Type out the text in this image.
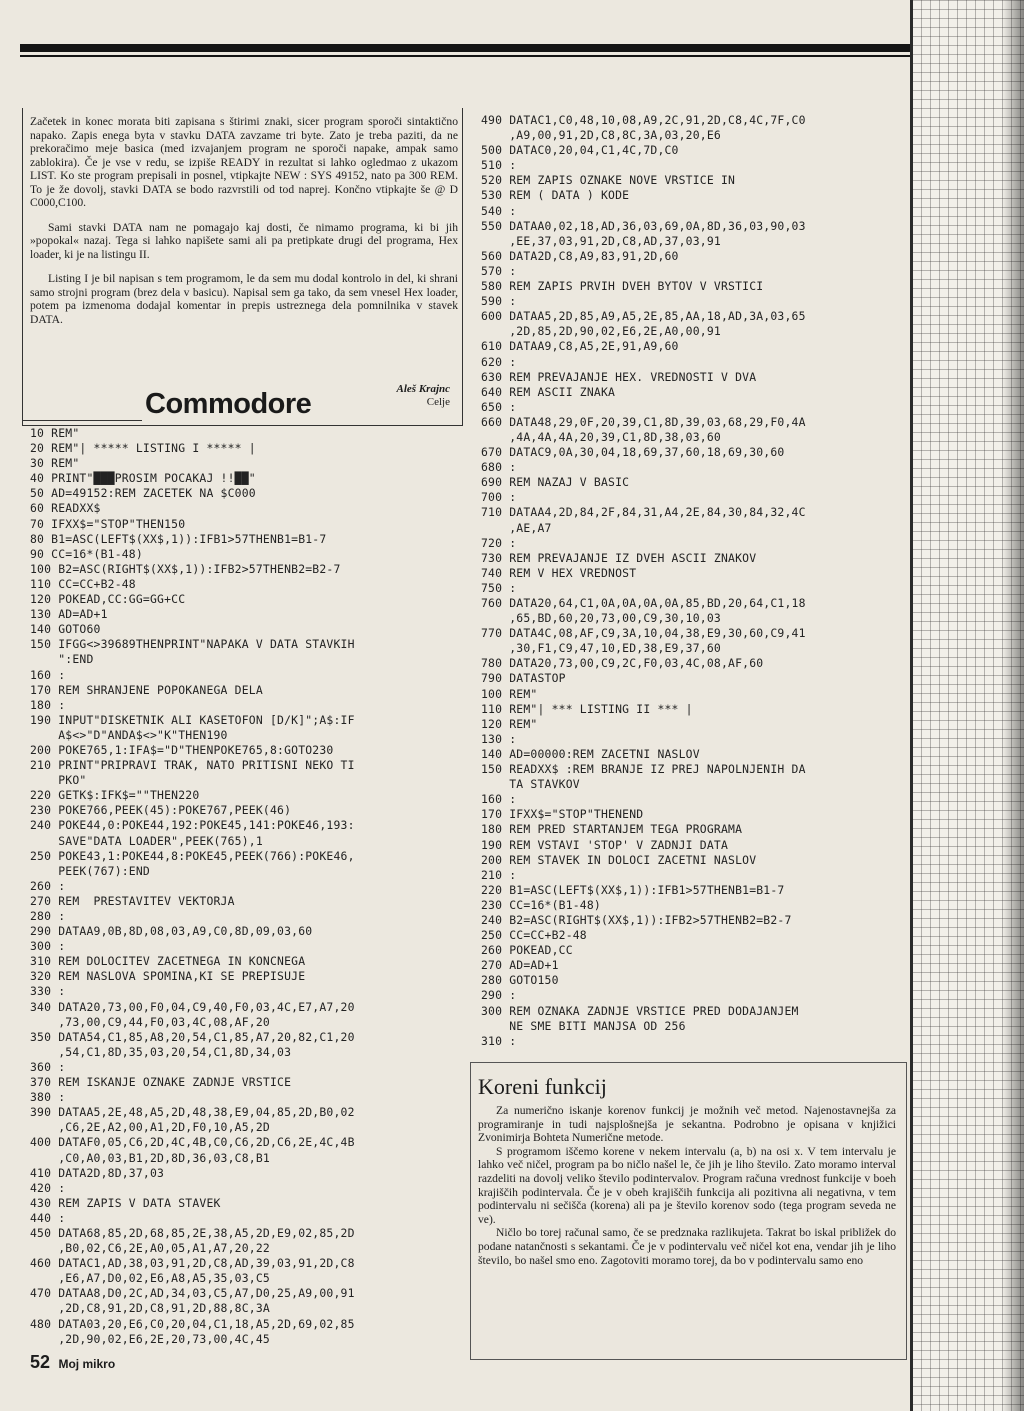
Začetek in konec morata biti zapisana s štirimi znaki, sicer program sporoči sintaktično napako. Zapis enega byta v stavku DATA zavzame tri byte. Zato je treba paziti, da ne prekoračimo meje basica (med izvajanjem program ne sporoči napake, ampak samo zablokira). Če je vse v redu, se izpiše READY in rezultat si lahko ogledmao z ukazom LIST. Ko ste program prepisali in posnel, vtipkajte NEW : SYS 49152, nato pa 300 REM. To je že dovolj, stavki DATA se bodo razvrstili od tod naprej. Končno vtipkajte še @ D C000,C100.

Sami stavki DATA nam ne pomagajo kaj dosti, če nimamo programa, ki bi jih »popokal« nazaj. Tega si lahko napišete sami ali pa pretipkate drugi del programa, Hex loader, ki je na listingu II.

Listing I je bil napisan s tem programom, le da sem mu dodal kontrolo in del, ki shrani samo strojni program (brez dela v basicu). Napisal sem ga tako, da sem vnesel Hex loader, potem pa izmenoma dodajal komentar in prepis ustreznega dela pomnilnika v stavek DATA.

Aleš Krajnc
Celje
Commodore
10 REM"
20 REM"| ***** LISTING I ***** |
30 REM"
40 PRINT"███PROSIM POCAKAJ !!██"
50 AD=49152:REM ZACETEK NA $C000
60 READXX$
70 IFXX$="STOP"THEN150
80 B1=ASC(LEFT$(XX$,1)):IFB1>57THENB1=B1-7
90 CC=16*(B1-48)
100 B2=ASC(RIGHT$(XX$,1)):IFB2>57THENB2=B2-7
110 CC=CC+B2-48
120 POKEAD,CC:GG=GG+CC
130 AD=AD+1
140 GOTO60
150 IFGG<>39689THENPRINT"NAPAKA V DATA STAVKIH
":END
160 :
170 REM SHRANJENE POPOKANEGA DELA
180 :
190 INPUT"DISKETNIK ALI KASETOFON [D/K]";A$:IF
A$<>"D"ANDA$<>"K"THEN190
200 POKE765,1:IFA$="D"THENPOKE765,8:GOTO230
210 PRINT"PRIPRAVI TRAK, NATO PRITISNI NEKO TI
PKO"
220 GETK$:IFK$=""THEN220
230 POKE766,PEEK(45):POKE767,PEEK(46)
240 POKE44,0:POKE44,192:POKE45,141:POKE46,193:
SAVE"DATA LOADER",PEEK(765),1
250 POKE43,1:POKE44,8:POKE45,PEEK(766):POKE46,
PEEK(767):END
260 :
270 REM  PRESTAVITEV VEKTORJA
280 :
290 DATAA9,0B,8D,08,03,A9,C0,8D,09,03,60
300 :
310 REM DOLOCITEV ZACETNEGA IN KONCNEGA
320 REM NASLOVA SPOMINA,KI SE PREPISUJE
330 :
340 DATA20,73,00,F0,04,C9,40,F0,03,4C,E7,A7,20
,73,00,C9,44,F0,03,4C,08,AF,20
350 DATA54,C1,85,A8,20,54,C1,85,A7,20,82,C1,20
,54,C1,8D,35,03,20,54,C1,8D,34,03
360 :
370 REM ISKANJE OZNAKE ZADNJE VRSTICE
380 :
390 DATAA5,2E,48,A5,2D,48,38,E9,04,85,2D,B0,02
,C6,2E,A2,00,A1,2D,F0,10,A5,2D
400 DATAF0,05,C6,2D,4C,4B,C0,C6,2D,C6,2E,4C,4B
,C0,A0,03,B1,2D,8D,36,03,C8,B1
410 DATA2D,8D,37,03
420 :
430 REM ZAPIS V DATA STAVEK
440 :
450 DATA68,85,2D,68,85,2E,38,A5,2D,E9,02,85,2D
,B0,02,C6,2E,A0,05,A1,A7,20,22
460 DATAC1,AD,38,03,91,2D,C8,AD,39,03,91,2D,C8
,E6,A7,D0,02,E6,A8,A5,35,03,C5
470 DATAA8,D0,2C,AD,34,03,C5,A7,D0,25,A9,00,91
,2D,C8,91,2D,C8,91,2D,88,8C,3A
480 DATA03,20,E6,C0,20,04,C1,18,A5,2D,69,02,85
,2D,90,02,E6,2E,20,73,00,4C,45
490 DATAC1,C0,48,10,08,A9,2C,91,2D,C8,4C,7F,C0
,A9,00,91,2D,C8,8C,3A,03,20,E6
500 DATAC0,20,04,C1,4C,7D,C0
510 :
520 REM ZAPIS OZNAKE NOVE VRSTICE IN
530 REM ( DATA ) KODE
540 :
550 DATAA0,02,18,AD,36,03,69,0A,8D,36,03,90,03
,EE,37,03,91,2D,C8,AD,37,03,91
560 DATA2D,C8,A9,83,91,2D,60
570 :
580 REM ZAPIS PRVIH DVEH BYTOV V VRSTICI
590 :
600 DATAA5,2D,85,A9,A5,2E,85,AA,18,AD,3A,03,65
,2D,85,2D,90,02,E6,2E,A0,00,91
610 DATAA9,C8,A5,2E,91,A9,60
620 :
630 REM PREVAJANJE HEX. VREDNOSTI V DVA
640 REM ASCII ZNAKA
650 :
660 DATA48,29,0F,20,39,C1,8D,39,03,68,29,F0,4A
,4A,4A,4A,20,39,C1,8D,38,03,60
670 DATAC9,0A,30,04,18,69,37,60,18,69,30,60
680 :
690 REM NAZAJ V BASIC
700 :
710 DATAA4,2D,84,2F,84,31,A4,2E,84,30,84,32,4C
,AE,A7
720 :
730 REM PREVAJANJE IZ DVEH ASCII ZNAKOV
740 REM V HEX VREDNOST
750 :
760 DATA20,64,C1,0A,0A,0A,0A,85,BD,20,64,C1,18
,65,BD,60,20,73,00,C9,30,10,03
770 DATA4C,08,AF,C9,3A,10,04,38,E9,30,60,C9,41
,30,F1,C9,47,10,ED,38,E9,37,60
780 DATA20,73,00,C9,2C,F0,03,4C,08,AF,60
790 DATASTOP
100 REM"
110 REM"| *** LISTING II *** |
120 REM"
130 :
140 AD=00000:REM ZACETNI NASLOV
150 READXX$ :REM BRANJE IZ PREJ NAPOLNJENIH DA
TA STAVKOV
160 :
170 IFXX$="STOP"THENEND
180 REM PRED STARTANJEM TEGA PROGRAMA
190 REM VSTAVI 'STOP' V ZADNJI DATA
200 REM STAVEK IN DOLOCI ZACETNI NASLOV
210 :
220 B1=ASC(LEFT$(XX$,1)):IFB1>57THENB1=B1-7
230 CC=16*(B1-48)
240 B2=ASC(RIGHT$(XX$,1)):IFB2>57THENB2=B2-7
250 CC=CC+B2-48
260 POKEAD,CC
270 AD=AD+1
280 GOTO150
290 :
300 REM OZNAKA ZADNJE VRSTICE PRED DODAJANJEM
NE SME BITI MANJSA OD 256
310 :
Koreni funkcij

Za numerično iskanje korenov funkcij je možnih več metod. Najenostavnejša za programiranje in tudi najsplošnejša je sekantna. Podrobno je opisana v knjižici Zvonimirja Bohteta Numerične metode.

S programom iščemo korene v nekem intervalu (a, b) na osi x. V tem intervalu je lahko več ničel, program pa bo ničlo našel le, če jih je liho število. Zato moramo interval razdeliti na dovolj veliko število podintervalov. Program računa vrednost funkcije v boeh krajiščih podintervala. Če je v obeh krajiščih funkcija ali pozitivna ali negativna, v tem podintervalu ni sečišča (korena) ali pa je število korenov sodo (tega program seveda ne ve).

Ničlo bo torej računal samo, če se predznaka razlikujeta. Takrat bo iskal približek do podane natančnosti s sekantami. Če je v podintervalu več ničel kot ena, vendar jih je liho število, bo našel smo eno. Zagotoviti moramo torej, da bo v podintervalu samo eno

52 Moj mikro
